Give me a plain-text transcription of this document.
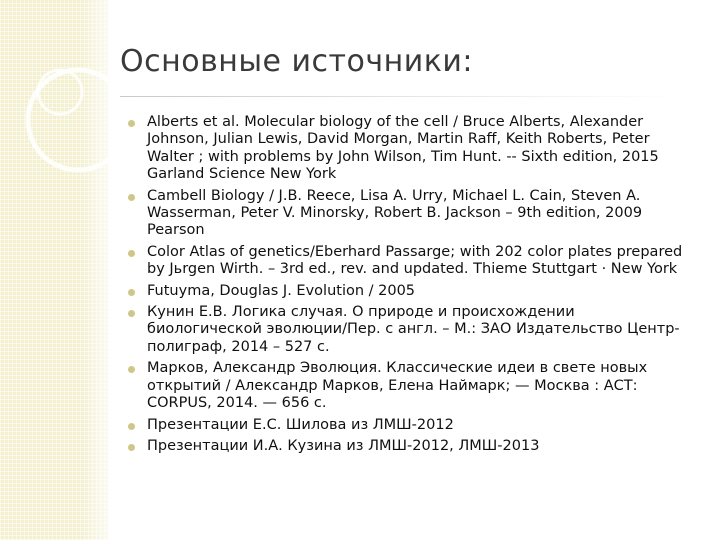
Основные источники:
Alberts et al. Molecular biology of the cell / Bruce Alberts, Alexander Johnson, Julian Lewis, David Morgan, Martin Raff, Keith Roberts, Peter Walter ; with problems by John Wilson, Tim Hunt. -- Sixth edition, 2015 Garland Science New York
Cambell Biology / J.B. Reece, Lisa A. Urry, Michael L. Cain, Steven A. Wasserman, Peter V. Minorsky, Robert B. Jackson – 9th edition, 2009 Pearson
Color Atlas of genetics/Eberhard Passarge; with 202 color plates prepared by Jьrgen Wirth. – 3rd ed., rev. and updated. Thieme Stuttgart · New York
Futuyma, Douglas J. Evolution / 2005
Кунин Е.В. Логика случая. О природе и происхождении биологической эволюции/Пер. с англ. – М.: ЗАО Издательство Центр-полиграф, 2014 – 527 с.
Марков, Александр Эволюция. Классические идеи в свете новых открытий / Александр Марков, Елена Наймарк; — Москва : АСТ: CORPUS, 2014. — 656 с.
Презентации Е.С. Шилова из ЛМШ-2012
Презентации И.А. Кузина из ЛМШ-2012, ЛМШ-2013
